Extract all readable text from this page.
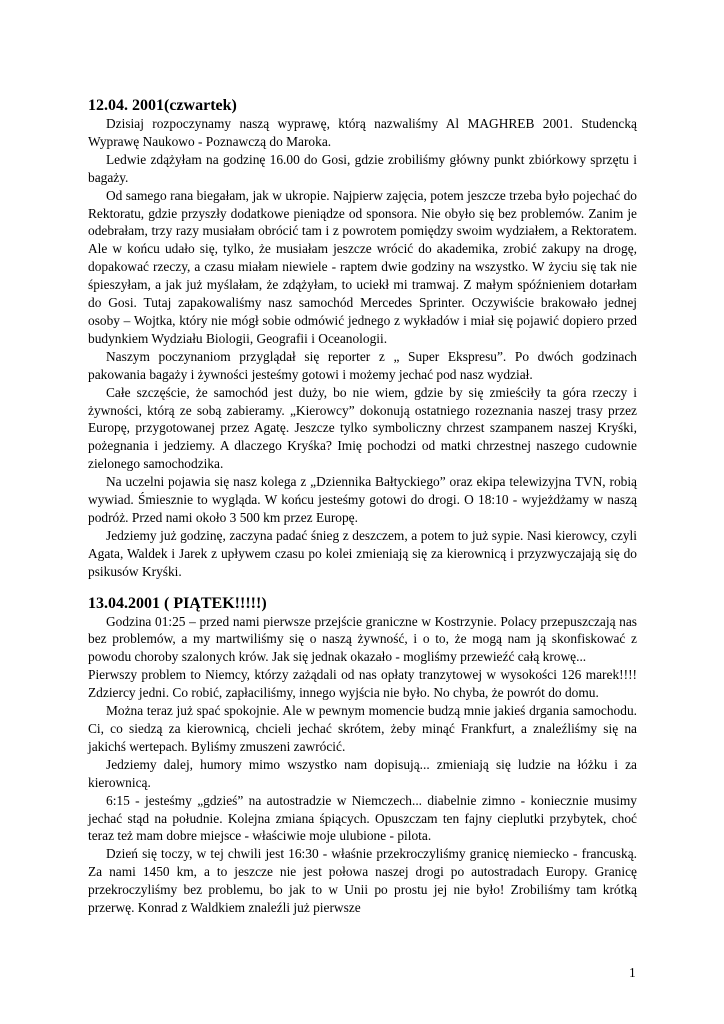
12.04. 2001(czwartek)

Dzisiaj rozpoczynamy naszą wyprawę, którą nazwaliśmy Al MAGHREB 2001. Studencką Wyprawę Naukowo - Poznawczą do Maroka.

Ledwie zdążyłam na godzinę 16.00 do Gosi, gdzie zrobiliśmy główny punkt zbiórkowy sprzętu i bagaży.

Od samego rana biegałam, jak w ukropie. Najpierw zajęcia, potem jeszcze trzeba było pojechać do Rektoratu, gdzie przyszły dodatkowe pieniądze od sponsora. Nie obyło się bez problemów. Zanim je odebrałam, trzy razy musiałam obrócić tam i z powrotem pomiędzy swoim wydziałem, a Rektoratem. Ale w końcu udało się, tylko, że musiałam jeszcze wrócić do akademika, zrobić zakupy na drogę, dopakować rzeczy, a czasu miałam niewiele - raptem dwie godziny na wszystko. W życiu się tak nie śpieszyłam, a jak już myślałam, że zdążyłam, to uciekł mi tramwaj. Z małym spóźnieniem dotarłam do Gosi. Tutaj zapakowaliśmy nasz samochód Mercedes Sprinter. Oczywiście brakowało jednej osoby – Wojtka, który nie mógł sobie odmówić jednego z wykładów i miał się pojawić dopiero przed budynkiem Wydziału Biologii, Geografii i Oceanologii.

Naszym poczynaniom przyglądał się reporter z „ Super Ekspresu”. Po dwóch godzinach pakowania bagaży i żywności jesteśmy gotowi i możemy jechać pod nasz wydział.

Całe szczęście, że samochód jest duży, bo nie wiem, gdzie by się zmieściły ta góra rzeczy i żywności, którą ze sobą zabieramy. „Kierowcy” dokonują ostatniego rozeznania naszej trasy przez Europę, przygotowanej przez Agatę. Jeszcze tylko symboliczny chrzest szampanem naszej Kryśki, pożegnania i jedziemy. A dlaczego Kryśka? Imię pochodzi od matki chrzestnej naszego cudownie zielonego samochodzika.

Na uczelni pojawia się nasz kolega z „Dziennika Bałtyckiego” oraz ekipa telewizyjna TVN, robią wywiad. Śmiesznie to wygląda. W końcu jesteśmy gotowi do drogi. O 18:10 - wyjeżdżamy w naszą podróż. Przed nami około 3 500 km przez Europę.

Jedziemy już godzinę, zaczyna padać śnieg z deszczem, a potem to już sypie. Nasi kierowcy, czyli Agata, Waldek i Jarek z upływem czasu po kolei zmieniają się za kierownicą i przyzwyczajają się do psikusów Kryśki.

13.04.2001 ( PIĄTEK!!!!!)

Godzina 01:25 – przed nami pierwsze przejście graniczne w Kostrzynie. Polacy przepuszczają nas bez problemów, a my martwiliśmy się o naszą żywność, i o to, że mogą nam ją skonfiskować z powodu choroby szalonych krów. Jak się jednak okazało - mogliśmy przewieźć całą krowę...

Pierwszy problem to Niemcy, którzy zażądali od nas opłaty tranzytowej w wysokości 126 marek!!!! Zdziercy jedni. Co robić, zapłaciliśmy, innego wyjścia nie było. No chyba, że powrót do domu.

Można teraz już spać spokojnie. Ale w pewnym momencie budzą mnie jakieś drgania samochodu. Ci, co siedzą za kierownicą, chcieli jechać skrótem, żeby minąć Frankfurt, a znaleźliśmy się na jakichś wertepach. Byliśmy zmuszeni zawrócić.

Jedziemy dalej, humory mimo wszystko nam dopisują... zmieniają się ludzie na łóżku i za kierownicą.

6:15 - jesteśmy „gdzieś” na autostradzie w Niemczech... diabelnie zimno - koniecznie musimy jechać stąd na południe. Kolejna zmiana śpiących. Opuszczam ten fajny cieplutki przybytek, choć teraz też mam dobre miejsce - właściwie moje ulubione - pilota.

Dzień się toczy, w tej chwili jest 16:30 - właśnie przekroczyliśmy granicę niemiecko - francuską. Za nami 1450 km, a to jeszcze nie jest połowa naszej drogi po autostradach Europy. Granicę przekroczyliśmy bez problemu, bo jak to w Unii po prostu jej nie było! Zrobiliśmy tam krótką przerwę. Konrad z Waldkiem znaleźli już pierwsze

1
